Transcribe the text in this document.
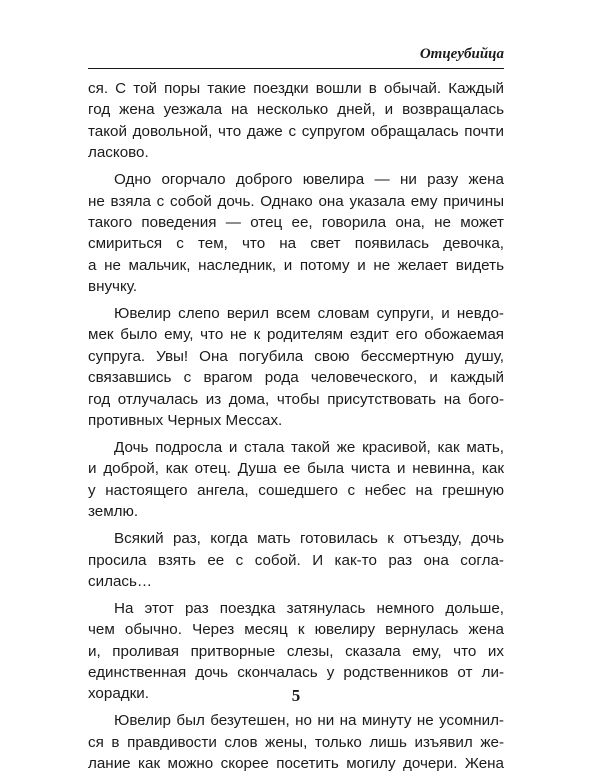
Отцеубийца

ся. С той поры такие поездки вошли в обычай. Каждый
год жена уезжала на несколько дней, и возвращалась
такой довольной, что даже с супругом обращалась почти
ласково.

Одно огорчало доброго ювелира — ни разу жена
не взяла с собой дочь. Однако она указала ему причины
такого поведения — отец ее, говорила она, не может
смириться с тем, что на свет появилась девочка,
а не мальчик, наследник, и потому и не желает видеть
внучку.

Ювелир слепо верил всем словам супруги, и невдо-
мек было ему, что не к родителям ездит его обожаемая
супруга. Увы! Она погубила свою бессмертную душу,
связавшись с врагом рода человеческого, и каждый
год отлучалась из дома, чтобы присутствовать на бого-
противных Черных Мессах.

Дочь подросла и стала такой же красивой, как мать,
и доброй, как отец. Душа ее была чиста и невинна, как
у настоящего ангела, сошедшего с небес на грешную
землю.

Всякий раз, когда мать готовилась к отъезду, дочь
просила взять ее с собой. И как-то раз она согла-
силась…

На этот раз поездка затянулась немного дольше,
чем обычно. Через месяц к ювелиру вернулась жена
и, проливая притворные слезы, сказала ему, что их
единственная дочь скончалась у родственников от ли-
хорадки.

Ювелир был безутешен, но ни на минуту не усомнил-
ся в правдивости слов жены, только лишь изъявил же-
лание как можно скорее посетить могилу дочери. Жена

5
